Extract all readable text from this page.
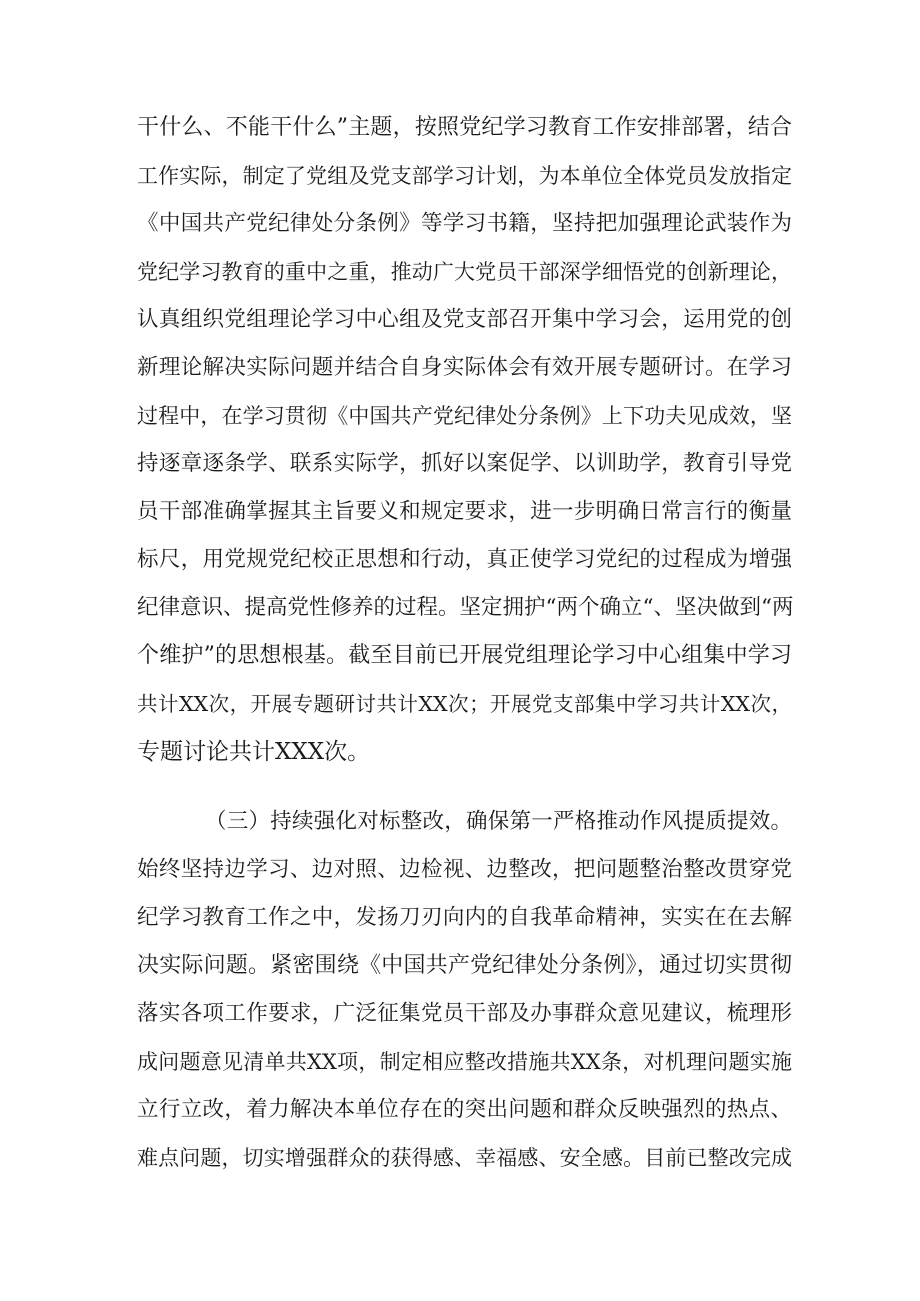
干什么、不能干什么”主题，按照党纪学习教育工作安排部署，结合
工作实际，制定了党组及党支部学习计划，为本单位全体党员发放指定
《中国共产党纪律处分条例》等学习书籍，坚持把加强理论武装作为
党纪学习教育的重中之重，推动广大党员干部深学细悟党的创新理论，
认真组织党组理论学习中心组及党支部召开集中学习会，运用党的创
新理论解决实际问题并结合自身实际体会有效开展专题研讨。在学习
过程中，在学习贯彻《中国共产党纪律处分条例》上下功夫见成效，坚
持逐章逐条学、联系实际学，抓好以案促学、以训助学，教育引导党
员干部准确掌握其主旨要义和规定要求，进一步明确日常言行的衡量
标尺，用党规党纪校正思想和行动，真正使学习党纪的过程成为增强
纪律意识、提高党性修养的过程。坚定拥护“两个确立“、坚决做到“两
个维护”的思想根基。截至目前已开展党组理论学习中心组集中学习
共计XX次，开展专题研讨共计XX次；开展党支部集中学习共计XX次，
专题讨论共计XXX次。
（三）持续强化对标整改，确保第一严格推动作风提质提效。
始终坚持边学习、边对照、边检视、边整改，把问题整治整改贯穿党
纪学习教育工作之中，发扬刀刃向内的自我革命精神，实实在在去解
决实际问题。紧密围绕《中国共产党纪律处分条例》，通过切实贯彻
落实各项工作要求，广泛征集党员干部及办事群众意见建议，梳理形
成问题意见清单共XX项，制定相应整改措施共XX条，对机理问题实施
立行立改，着力解决本单位存在的突出问题和群众反映强烈的热点、
难点问题，切实增强群众的获得感、幸福感、安全感。目前已整改完成
